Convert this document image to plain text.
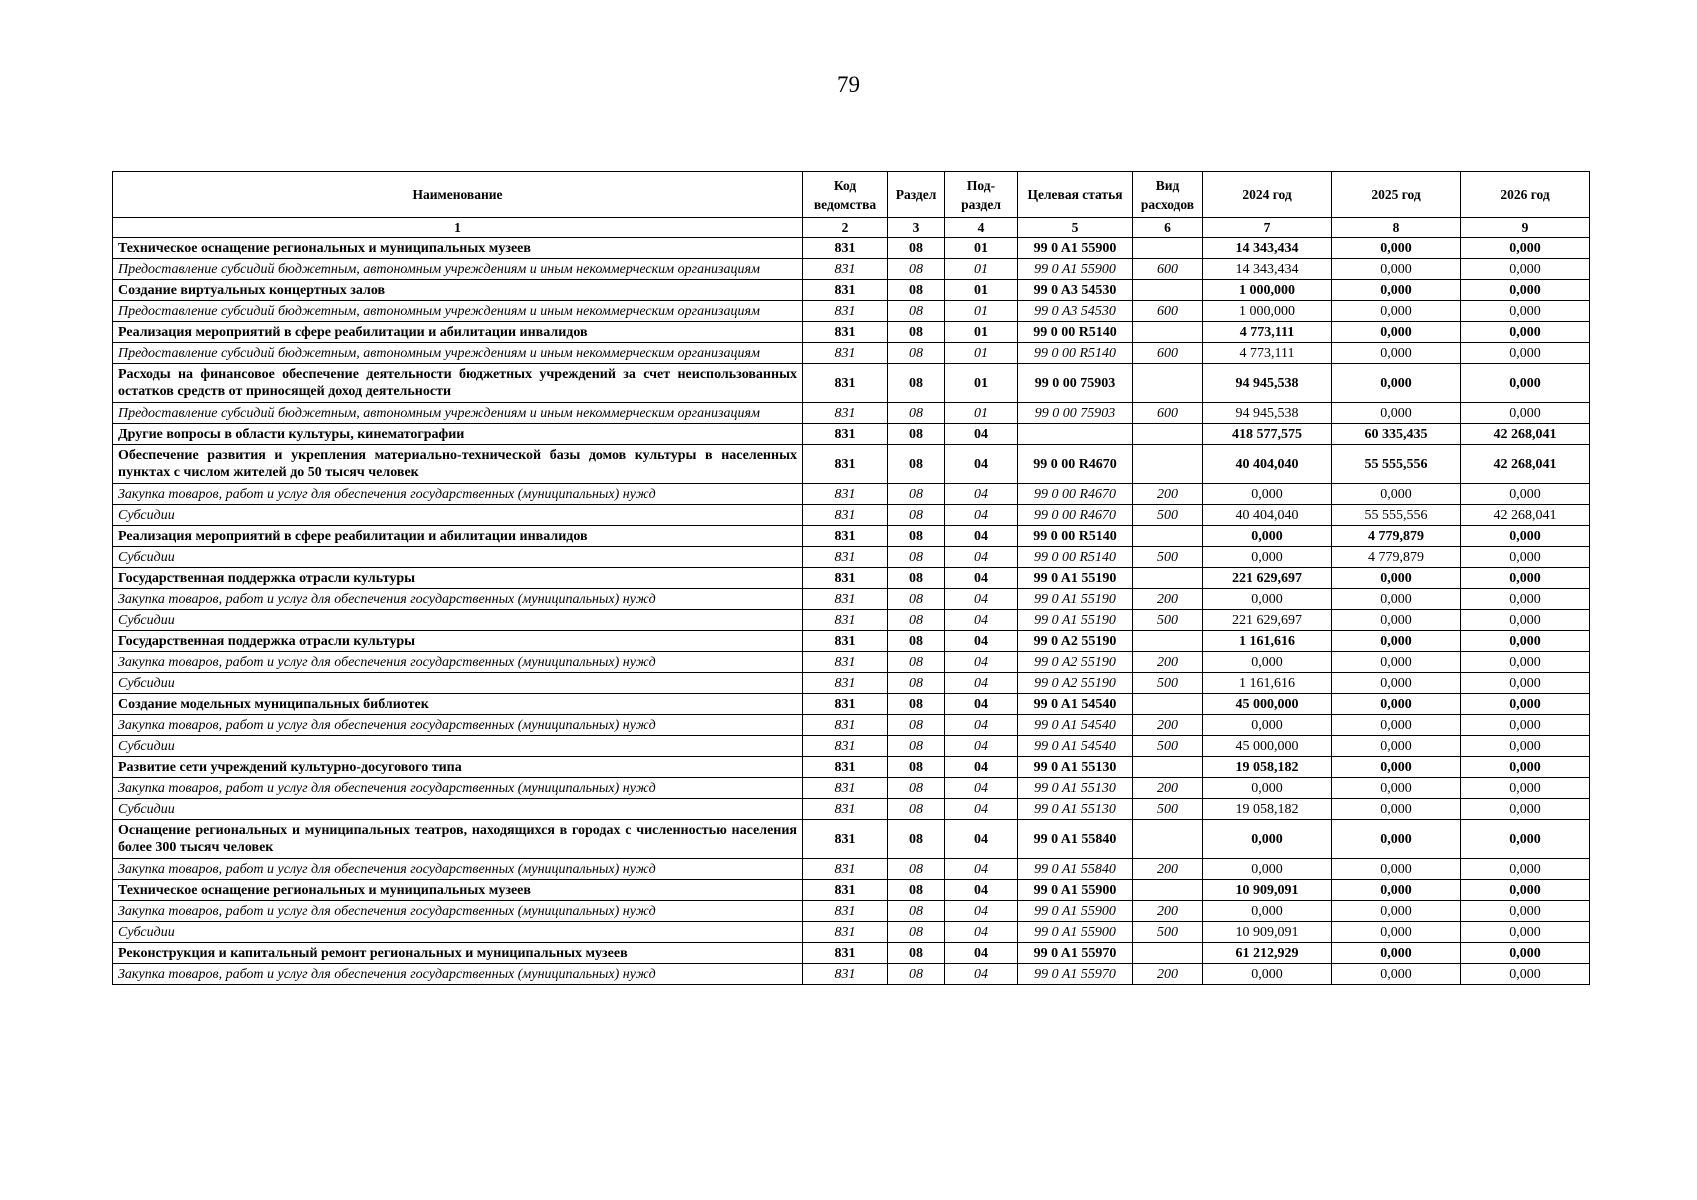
79
Наименование	Код ведомства	Раздел	Под-раздел	Целевая статья	Вид расходов	2024 год	2025 год	2026 год
1	2	3	4	5	6	7	8	9
Техническое оснащение региональных и муниципальных музеев	831	08	01	99 0 A1 55900		14 343,434	0,000	0,000
Предоставление субсидий бюджетным, автономным учреждениям и иным некоммерческим организациям	831	08	01	99 0 A1 55900	600	14 343,434	0,000	0,000
Создание виртуальных концертных залов	831	08	01	99 0 A3 54530		1 000,000	0,000	0,000
Предоставление субсидий бюджетным, автономным учреждениям и иным некоммерческим организациям	831	08	01	99 0 A3 54530	600	1 000,000	0,000	0,000
Реализация мероприятий в сфере реабилитации и абилитации инвалидов	831	08	01	99 0 00 R5140		4 773,111	0,000	0,000
Предоставление субсидий бюджетным, автономным учреждениям и иным некоммерческим организациям	831	08	01	99 0 00 R5140	600	4 773,111	0,000	0,000
Расходы на финансовое обеспечение деятельности бюджетных учреждений за счет неиспользованных остатков средств от приносящей доход деятельности	831	08	01	99 0 00 75903		94 945,538	0,000	0,000
Предоставление субсидий бюджетным, автономным учреждениям и иным некоммерческим организациям	831	08	01	99 0 00 75903	600	94 945,538	0,000	0,000
Другие вопросы в области культуры, кинематографии	831	08	04			418 577,575	60 335,435	42 268,041
Обеспечение развития и укрепления материально-технической базы домов культуры в населенных пунктах с числом жителей до 50 тысяч человек	831	08	04	99 0 00 R4670		40 404,040	55 555,556	42 268,041
Закупка товаров, работ и услуг для обеспечения государственных (муниципальных) нужд	831	08	04	99 0 00 R4670	200	0,000	0,000	0,000
Субсидии	831	08	04	99 0 00 R4670	500	40 404,040	55 555,556	42 268,041
Реализация мероприятий в сфере реабилитации и абилитации инвалидов	831	08	04	99 0 00 R5140		0,000	4 779,879	0,000
Субсидии	831	08	04	99 0 00 R5140	500	0,000	4 779,879	0,000
Государственная поддержка отрасли культуры	831	08	04	99 0 A1 55190		221 629,697	0,000	0,000
Закупка товаров, работ и услуг для обеспечения государственных (муниципальных) нужд	831	08	04	99 0 A1 55190	200	0,000	0,000	0,000
Субсидии	831	08	04	99 0 A1 55190	500	221 629,697	0,000	0,000
Государственная поддержка отрасли культуры	831	08	04	99 0 A2 55190		1 161,616	0,000	0,000
Закупка товаров, работ и услуг для обеспечения государственных (муниципальных) нужд	831	08	04	99 0 A2 55190	200	0,000	0,000	0,000
Субсидии	831	08	04	99 0 A2 55190	500	1 161,616	0,000	0,000
Создание модельных муниципальных библиотек	831	08	04	99 0 A1 54540		45 000,000	0,000	0,000
Закупка товаров, работ и услуг для обеспечения государственных (муниципальных) нужд	831	08	04	99 0 A1 54540	200	0,000	0,000	0,000
Субсидии	831	08	04	99 0 A1 54540	500	45 000,000	0,000	0,000
Развитие сети учреждений культурно-досугового типа	831	08	04	99 0 A1 55130		19 058,182	0,000	0,000
Закупка товаров, работ и услуг для обеспечения государственных (муниципальных) нужд	831	08	04	99 0 A1 55130	200	0,000	0,000	0,000
Субсидии	831	08	04	99 0 A1 55130	500	19 058,182	0,000	0,000
Оснащение региональных и муниципальных театров, находящихся в городах с численностью населения более 300 тысяч человек	831	08	04	99 0 A1 55840		0,000	0,000	0,000
Закупка товаров, работ и услуг для обеспечения государственных (муниципальных) нужд	831	08	04	99 0 A1 55840	200	0,000	0,000	0,000
Техническое оснащение региональных и муниципальных музеев	831	08	04	99 0 A1 55900		10 909,091	0,000	0,000
Закупка товаров, работ и услуг для обеспечения государственных (муниципальных) нужд	831	08	04	99 0 A1 55900	200	0,000	0,000	0,000
Субсидии	831	08	04	99 0 A1 55900	500	10 909,091	0,000	0,000
Реконструкция и капитальный ремонт региональных и муниципальных музеев	831	08	04	99 0 A1 55970		61 212,929	0,000	0,000
Закупка товаров, работ и услуг для обеспечения государственных (муниципальных) нужд	831	08	04	99 0 A1 55970	200	0,000	0,000	0,000
